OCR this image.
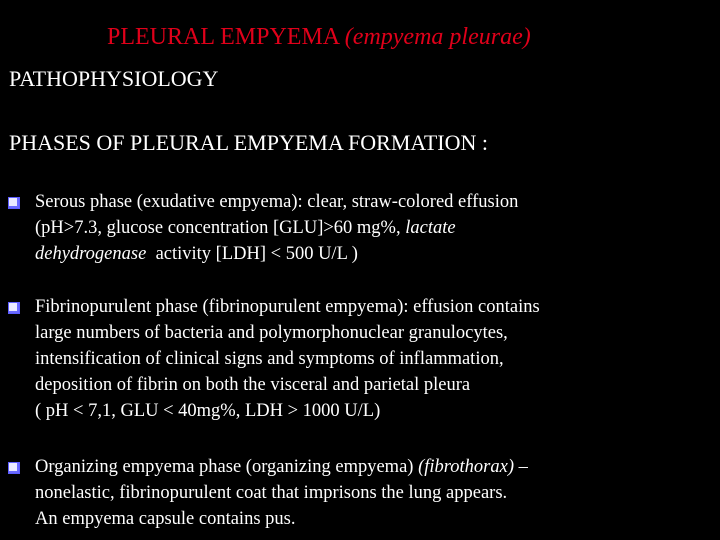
PLEURAL EMPYEMA (empyema pleurae)
PATHOPHYSIOLOGY
PHASES OF PLEURAL EMPYEMA FORMATION :
Serous phase (exudative empyema): clear, straw-colored effusion
(pH>7.3, glucose concentration [GLU]>60 mg%, lactate
dehydrogenase  activity [LDH] < 500 U/L )
Fibrinopurulent phase (fibrinopurulent empyema): effusion contains
large numbers of bacteria and polymorphonuclear granulocytes,
intensification of clinical signs and symptoms of inflammation,
deposition of fibrin on both the visceral and parietal pleura
( pH < 7,1, GLU < 40mg%, LDH > 1000 U/L)
Organizing empyema phase (organizing empyema) (fibrothorax) –
nonelastic, fibrinopurulent coat that imprisons the lung appears.
An empyema capsule contains pus.
